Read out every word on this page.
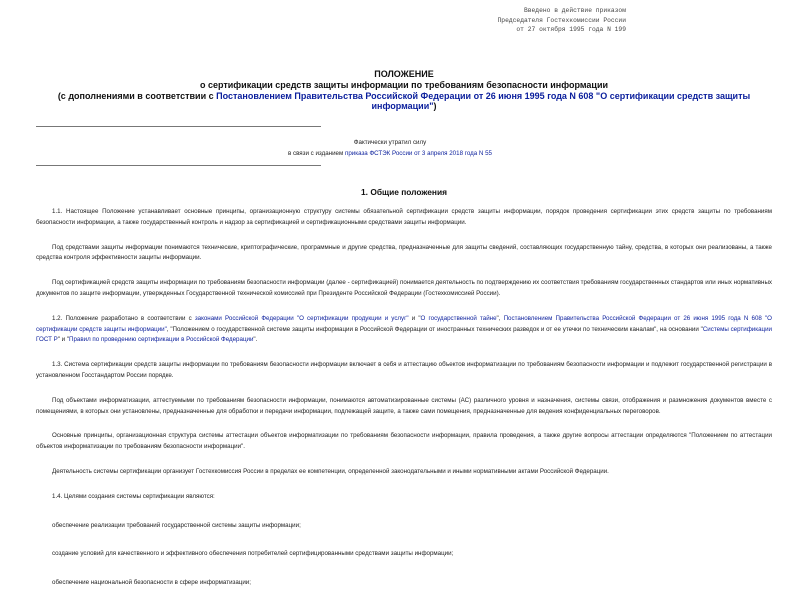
Введено в действие приказом
Председателя Гостехкомиссии России
от 27 октября 1995 года N 199
ПОЛОЖЕНИЕ
о сертификации средств защиты информации по требованиям безопасности информации
(с дополнениями в соответствии с Постановлением Правительства Российской Федерации от 26 июня 1995 года N 608 "О сертификации средств защиты информации")
Фактически утратил силу
в связи с изданием приказа ФСТЭК России от 3 апреля 2018 года N 55
1. Общие положения

1.1. Настоящее Положение устанавливает основные принципы, организационную структуру системы обязательной сертификации средств защиты информации, порядок проведения сертификации этих средств защиты по требованиям безопасности информации, а также государственный контроль и надзор за сертификацией и сертификационными средствами защиты информации.

Под средствами защиты информации понимаются технические, криптографические, программные и другие средства, предназначенные для защиты сведений, составляющих государственную тайну, средства, в которых они реализованы, а также средства контроля эффективности защиты информации.

Под сертификацией средств защиты информации по требованиям безопасности информации (далее - сертификацией) понимается деятельность по подтверждению их соответствия требованиям государственных стандартов или иных нормативных документов по защите информации, утвержденных Государственной технической комиссией при Президенте Российской Федерации (Гостехкомиссией России).

1.2. Положение разработано в соответствии с законами Российской Федерации "О сертификации продукции и услуг" и "О государственной тайне", Постановлением Правительства Российской Федерации от 26 июня 1995 года N 608 "О сертификации средств защиты информации", "Положением о государственной системе защиты информации в Российской Федерации от иностранных технических разведок и от ее утечки по техническим каналам", на основании "Системы сертификации ГОСТ Р" и "Правил по проведению сертификации в Российской Федерации".

1.3. Система сертификации средств защиты информации по требованиям безопасности информации включает в себя и аттестацию объектов информатизации по требованиям безопасности информации и подлежит государственной регистрации в установленном Госстандартом России порядке.

Под объектами информатизации, аттестуемыми по требованиям безопасности информации, понимаются автоматизированные системы (АС) различного уровня и назначения, системы связи, отображения и размножения документов вместе с помещениями, в которых они установлены, предназначенные для обработки и передачи информации, подлежащей защите, а также сами помещения, предназначенные для ведения конфиденциальных переговоров.

Основные принципы, организационная структура системы аттестации объектов информатизации по требованиям безопасности информации, правила проведения, а также другие вопросы аттестации определяются "Положением по аттестации объектов информатизации по требованиям безопасности информации".

Деятельность системы сертификации организует Гостехкомиссия России в пределах ее компетенции, определенной законодательными и иными нормативными актами Российской Федерации.

1.4. Целями создания системы сертификации являются:

обеспечение реализации требований государственной системы защиты информации;

создание условий для качественного и эффективного обеспечения потребителей сертифицированными средствами защиты информации;

обеспечение национальной безопасности в сфере информатизации;
